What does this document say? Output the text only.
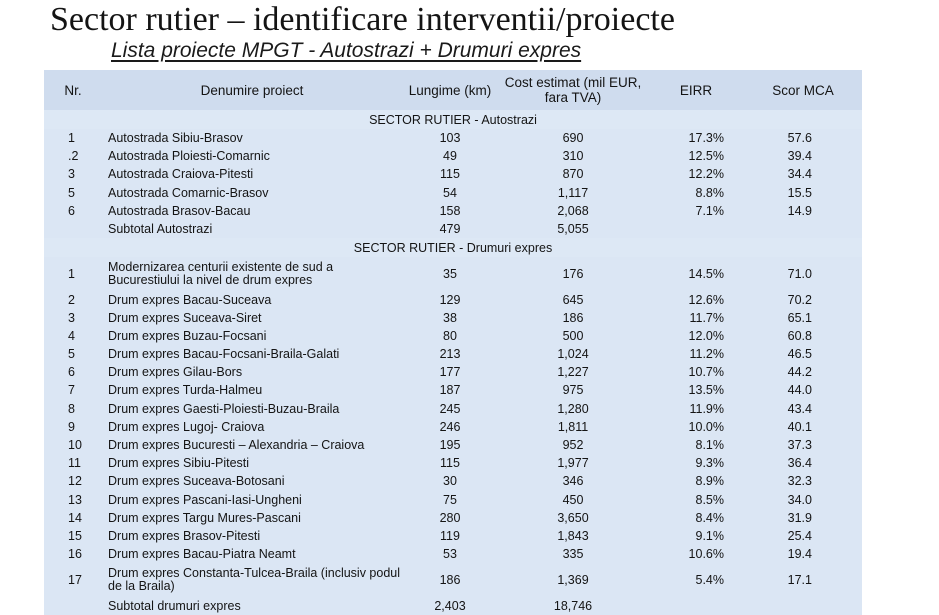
Sector rutier – identificare interventii/proiecte
Lista proiecte MPGT - Autostrazi + Drumuri expres
Nr.	Denumire proiect	Lungime (km)	Cost estimat (mil EUR,
fara TVA)	EIRR	Scor MCA
SECTOR RUTIER - Autostrazi					
1	Autostrada Sibiu-Brasov	103	690	17.3%	57.6
.2	Autostrada Ploiesti-Comarnic	49	310	12.5%	39.4
3	Autostrada Craiova-Pitesti	115	870	12.2%	34.4
5	Autostrada Comarnic-Brasov	54	1,117	8.8%	15.5
6	Autostrada Brasov-Bacau	158	2,068	7.1%	14.9
	Subtotal Autostrazi	479	5,055		
SECTOR RUTIER - Drumuri expres					
1	Modernizarea centurii existente de sud a Bucurestiului la nivel de drum expres	35	176	14.5%	71.0
2	Drum expres Bacau-Suceava	129	645	12.6%	70.2
3	Drum expres Suceava-Siret	38	186	11.7%	65.1
4	Drum expres Buzau-Focsani	80	500	12.0%	60.8
5	Drum expres Bacau-Focsani-Braila-Galati	213	1,024	11.2%	46.5
6	Drum expres Gilau-Bors	177	1,227	10.7%	44.2
7	Drum expres Turda-Halmeu	187	975	13.5%	44.0
8	Drum expres Gaesti-Ploiesti-Buzau-Braila	245	1,280	11.9%	43.4
9	Drum expres Lugoj- Craiova	246	1,811	10.0%	40.1
10	Drum expres Bucuresti – Alexandria – Craiova	195	952	8.1%	37.3
11	Drum expres Sibiu-Pitesti	115	1,977	9.3%	36.4
12	Drum expres Suceava-Botosani	30	346	8.9%	32.3
13	Drum expres Pascani-Iasi-Ungheni	75	450	8.5%	34.0
14	Drum expres Targu Mures-Pascani	280	3,650	8.4%	31.9
15	Drum expres Brasov-Pitesti	119	1,843	9.1%	25.4
16	Drum expres Bacau-Piatra Neamt	53	335	10.6%	19.4
17	Drum expres Constanta-Tulcea-Braila (inclusiv podul de la Braila)	186	1,369	5.4%	17.1
	Subtotal drumuri expres	2,403	18,746		
